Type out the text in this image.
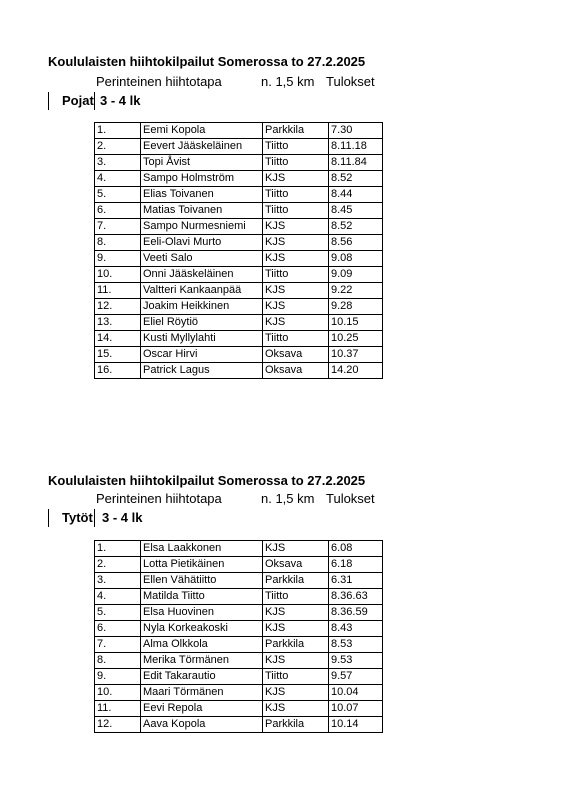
Koululaisten hiihtokilpailut Somerossa to 27.2.2025
Perinteinen hiihtotapa	n. 1,5 km Tulokset
Pojat 3 - 4 lk
1.	Eemi Kopola	Parkkila	7.30
2.	Eevert Jääskeläinen	Tiitto	8.11.18
3.	Topi Åvist	Tiitto	8.11.84
4.	Sampo Holmström	KJS	8.52
5.	Elias Toivanen	Tiitto	8.44
6.	Matias Toivanen	Tiitto	8.45
7.	Sampo Nurmesniemi	KJS	8.52
8.	Eeli-Olavi Murto	KJS	8.56
9.	Veeti Salo	KJS	9.08
10.	Onni Jääskeläinen	Tiitto	9.09
11.	Valtteri Kankaanpää	KJS	9.22
12.	Joakim Heikkinen	KJS	9.28
13.	Eliel Röytiö	KJS	10.15
14.	Kusti Myllylahti	Tiitto	10.25
15.	Oscar Hirvi	Oksava	10.37
16.	Patrick Lagus	Oksava	14.20
Koululaisten hiihtokilpailut Somerossa to 27.2.2025
Perinteinen hiihtotapa	n. 1,5 km Tulokset
Tytöt 3 - 4 lk
1.	Elsa Laakkonen	KJS	6.08
2.	Lotta Pietikäinen	Oksava	6.18
3.	Ellen Vähätiitto	Parkkila	6.31
4.	Matilda Tiitto	Tiitto	8.36.63
5.	Elsa Huovinen	KJS	8.36.59
6.	Nyla Korkeakoski	KJS	8.43
7.	Alma Olkkola	Parkkila	8.53
8.	Merika Törmänen	KJS	9.53
9.	Edit Takarautio	Tiitto	9.57
10.	Maari Törmänen	KJS	10.04
11.	Eevi Repola	KJS	10.07
12.	Aava Kopola	Parkkila	10.14
